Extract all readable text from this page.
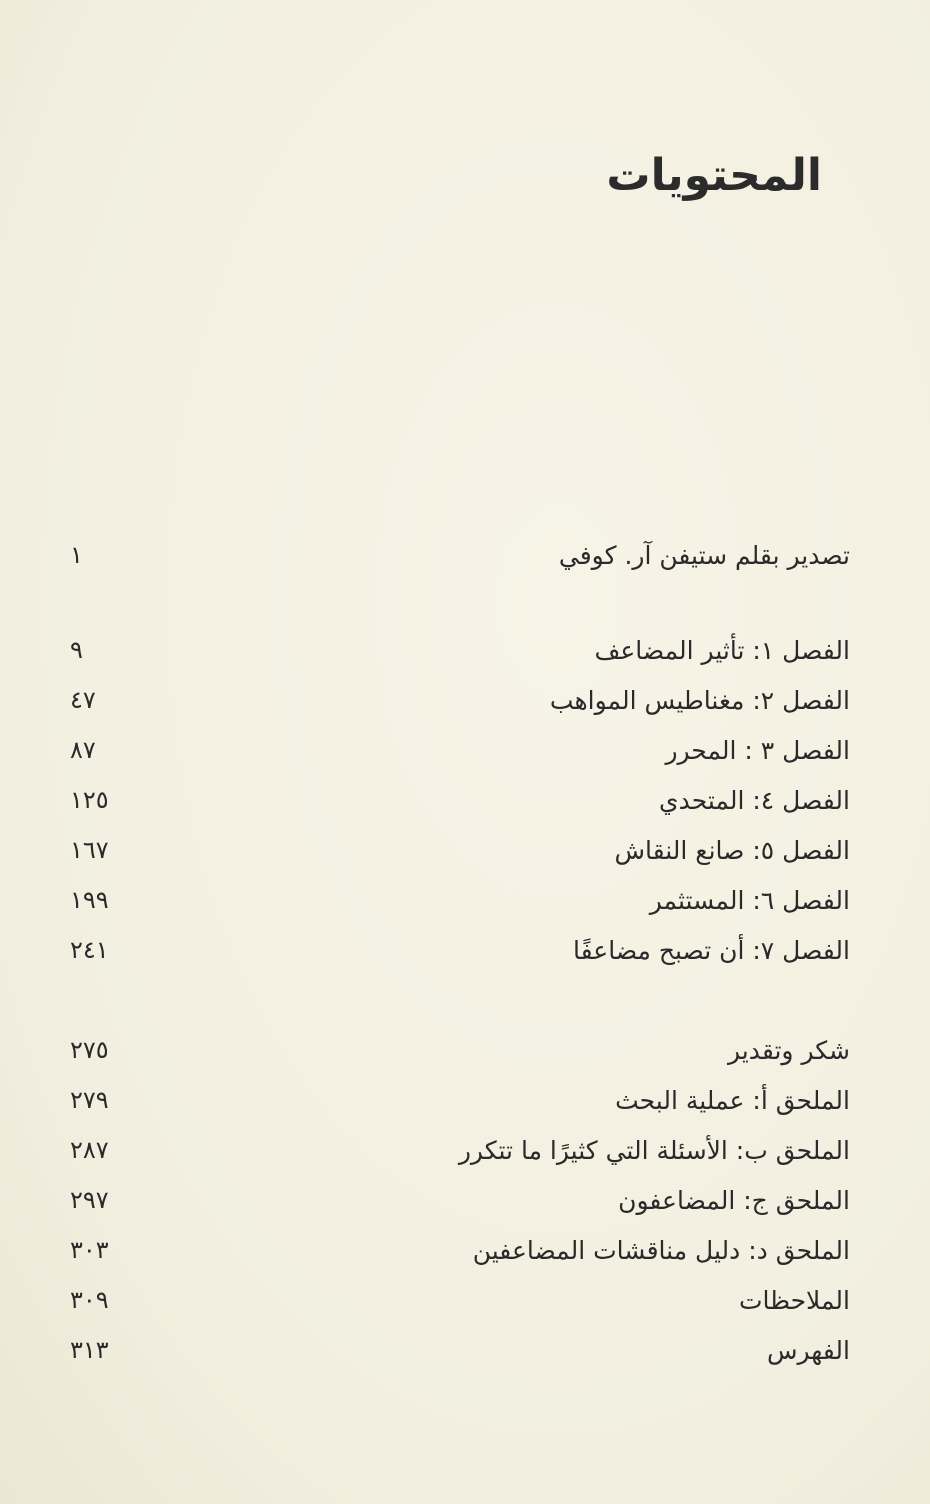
المحتويات
١	تصدير بقلم ستيفن آر. كوفي
٩	الفصل ١: تأثير المضاعف
٤٧	الفصل ٢: مغناطيس المواهب
٨٧	الفصل ٣ : المحرر
١٢٥	الفصل ٤: المتحدي
١٦٧	الفصل ٥: صانع النقاش
١٩٩	الفصل ٦: المستثمر
٢٤١	الفصل ٧: أن تصبح مضاعفًا
٢٧٥	شكر وتقدير
٢٧٩	الملحق أ: عملية البحث
٢٨٧	الملحق ب: الأسئلة التي كثيرًا ما تتكرر
٢٩٧	الملحق ج: المضاعفون
٣٠٣	الملحق د: دليل مناقشات المضاعفين
٣٠٩	الملاحظات
٣١٣	الفهرس
